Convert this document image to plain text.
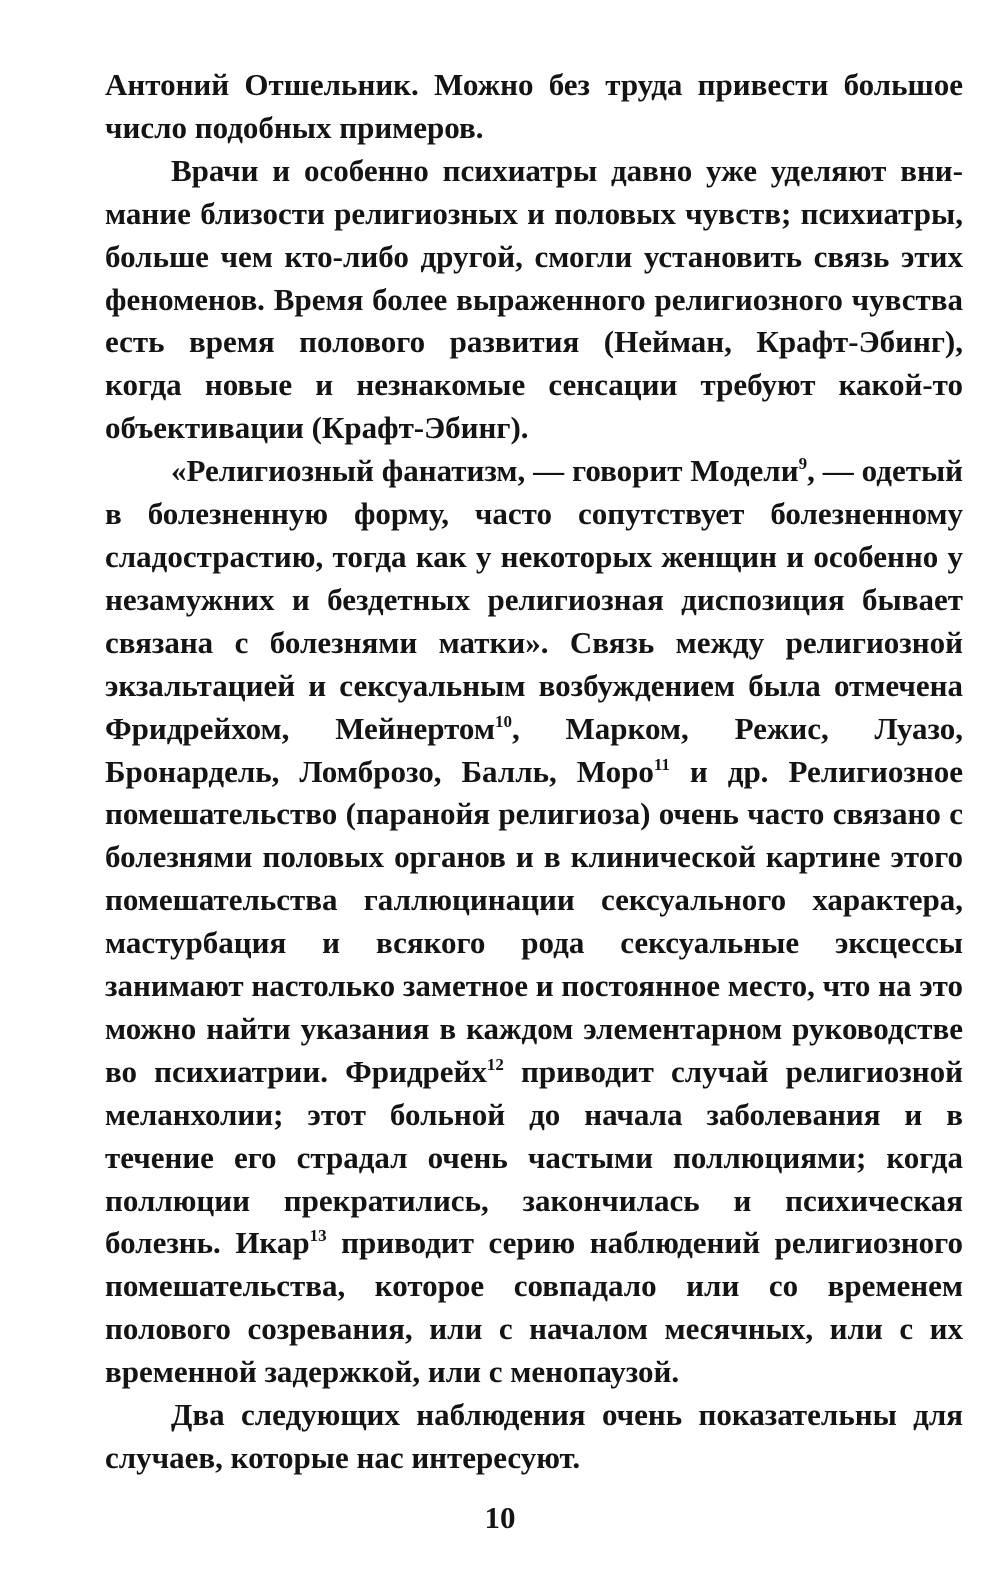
Антоний Отшельник. Можно без труда привести большое число подобных примеров.

Врачи и особенно психиатры давно уже уделяют внимание близости религиозных и половых чувств; психиатры, больше чем кто-либо другой, смогли установить связь этих феноменов. Время более выраженного религиозного чувства есть время полового развития (Нейман, Крафт-Эбинг), когда новые и незнакомые сенсации требуют какой-то объективации (Крафт-Эбинг).

«Религиозный фанатизм, — говорит Модели$^9$, — одетый в болезненную форму, часто сопутствует болезненному сладострастию, тогда как у некоторых женщин и особенно у незамужних и бездетных религиозная диспозиция бывает связана с болезнями матки». Связь между религиозной экзальтацией и сексуальным возбуждением была отмечена Фридрейхом, Мейнертом$^{10}$, Марком, Режис, Луазо, Бронардель, Ломброзо, Балль, Моро$^{11}$ и др. Религиозное помешательство (паранойя религиоза) очень часто связано с болезнями половых органов и в клинической картине этого помешательства галлюцинации сексуального характера, мастурбация и всякого рода сексуальные эксцессы занимают настолько заметное и постоянное место, что на это можно найти указания в каждом элементарном руководстве во психиатрии. Фридрейх$^{12}$ приводит случай религиозной меланхолии; этот больной до начала заболевания и в течение его страдал очень частыми поллюциями; когда поллюции прекратились, закончилась и психическая болезнь. Икар$^{13}$ приводит серию наблюдений религиозного помешательства, которое совпадало или со временем полового созревания, или с началом месячных, или с их временной задержкой, или с менопаузой.

Два следующих наблюдения очень показательны для случаев, которые нас интересуют.

10
